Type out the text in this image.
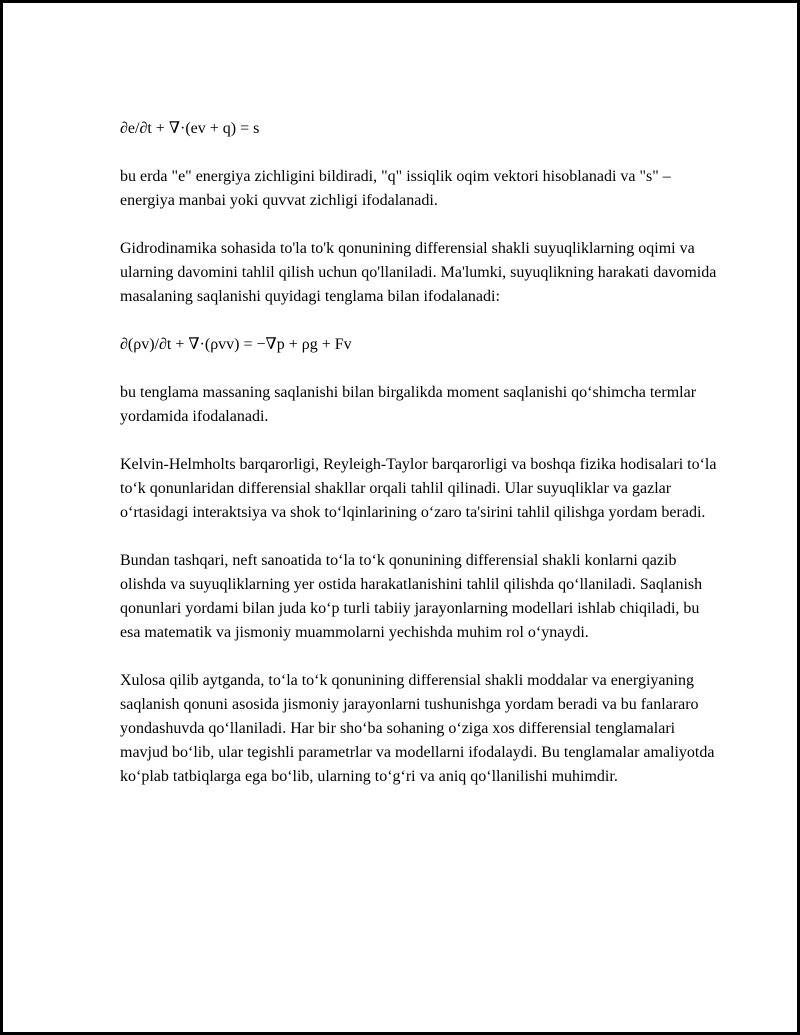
∂e/∂t + ∇·(ev + q) = s

bu erda "e" energiya zichligini bildiradi, "q" issiqlik oqim vektori hisoblanadi va "s" – energiya manbai yoki quvvat zichligi ifodalanadi.

Gidrodinamika sohasida to'la to'k qonunining differensial shakli suyuqliklarning oqimi va ularning davomini tahlil qilish uchun qo'llaniladi. Ma'lumki, suyuqlikning harakati davomida masalaning saqlanishi quyidagi tenglama bilan ifodalanadi:

∂(ρv)/∂t + ∇·(ρvv) = −∇p + ρg + Fv

bu tenglama massaning saqlanishi bilan birgalikda moment saqlanishi qo‘shimcha termlar yordamida ifodalanadi.

Kelvin-Helmholts barqarorligi, Reyleigh-Taylor barqarorligi va boshqa fizika hodisalari to‘la to‘k qonunlaridan differensial shakllar orqali tahlil qilinadi. Ular suyuqliklar va gazlar o‘rtasidagi interaktsiya va shok to‘lqinlarining o‘zaro ta'sirini tahlil qilishga yordam beradi.

Bundan tashqari, neft sanoatida to‘la to‘k qonunining differensial shakli konlarni qazib olishda va suyuqliklarning yer ostida harakatlanishini tahlil qilishda qo‘llaniladi. Saqlanish qonunlari yordami bilan juda ko‘p turli tabiiy jarayonlarning modellari ishlab chiqiladi, bu esa matematik va jismoniy muammolarni yechishda muhim rol o‘ynaydi.

Xulosa qilib aytganda, to‘la to‘k qonunining differensial shakli moddalar va energiyaning saqlanish qonuni asosida jismoniy jarayonlarni tushunishga yordam beradi va bu fanlararo yondashuvda qo‘llaniladi. Har bir sho‘ba sohaning o‘ziga xos differensial tenglamalari mavjud bo‘lib, ular tegishli parametrlar va modellarni ifodalaydi. Bu tenglamalar amaliyotda ko‘plab tatbiqlarga ega bo‘lib, ularning to‘g‘ri va aniq qo‘llanilishi muhimdir.
